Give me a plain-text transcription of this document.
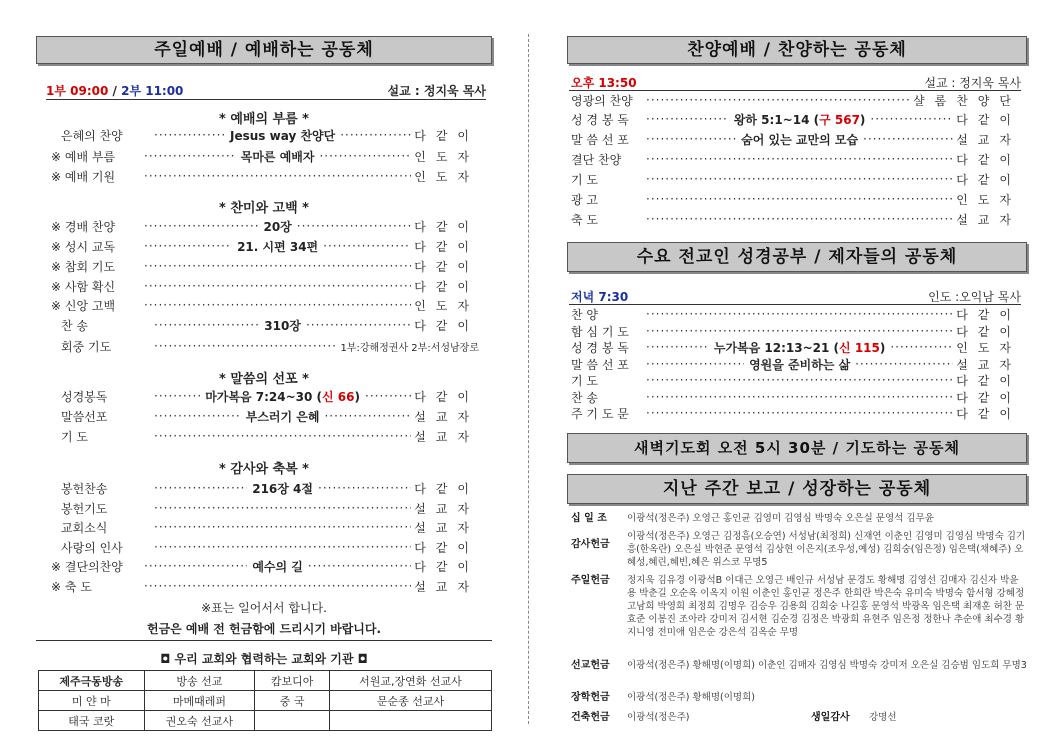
주일예배 / 예배하는 공동체
1부 09:00 / 2부 11:00	설교 : 정지욱 목사
* 예배의 부름 *
은혜의 찬양 ·····	Jesus way 찬양단 ·····	다같이
※ 예배 부름 ·····	목마른 예배자 ·····	인도자
※ 예배 기원 ·····	인도자
* 찬미와 고백 *
※ 경배 찬양 ·····	20장 ·····	다같이
※ 성시 교독 ·····	21. 시편 34편 ·····	다같이
※ 참회 기도 ·····	다같이
※ 사함 확신 ·····	다같이
※ 신앙 고백 ·····	인도자
찬 송 ·····	310장 ·····	다같이
회중 기도 ·····	1부:강해정권사 2부:서성남장로
* 말씀의 선포 *
성경봉독 ·····	마가복음 7:24~30 (신 66) ·····	다같이
말씀선포 ·····	부스러기 은혜 ·····	설교자
기 도 ·····	설교자
* 감사와 축복 *
봉헌찬송 ·····	216장 4절 ·····	다같이
봉헌기도 ·····	설교자
교회소식 ·····	설교자
사랑의 인사 ·····	다같이
※ 결단의찬양 ·····	예수의 길 ·····	다같이
※ 축 도 ·····	설교자
※표는 일어서서 합니다.
헌금은 예배 전 헌금함에 드리시기 바랍니다.
◘ 우리 교회와 협력하는 교회와 기관 ◘
제주극동방송	방송 선교	캄보디아	서원교,장연화 선교사
미 얀 마	마메때레퍼	중 국	문순종 선교사
태국 코랏	권오숙 선교사		
찬양예배 / 찬양하는 공동체
오후 13:50	설교 : 정지욱 목사
영광의 찬양 ·····	샬롬찬양단
성 경 봉 독 ·····	왕하 5:1~14 (구 567) ·····	다같이
말 씀 선 포 ·····	숨어 있는 교만의 모습 ·····	설교자
결단 찬양 ·····	다같이
기 도 ·····	다같이
광 고 ·····	인도자
축 도 ·····	설교자
수요 전교인 성경공부 / 제자들의 공동체
저녁 7:30	인도 :오익남 목사
찬 양 ·····	다같이
함 심 기 도 ·····	다같이
성 경 봉 독 ·····	누가복음 12:13~21 (신 115) ·····	인도자
말 씀 선 포 ·····	영원을 준비하는 삶 ·····	설교자
기 도 ·····	다같이
찬 송 ·····	다같이
주 기 도 문 ·····	다같이
새벽기도회 오전 5시 30분 / 기도하는 공동체
지난 주간 보고 / 성장하는 공동체
십 일 조 이광석(정은주) 오영근 홍인균 김영미 김영심 박명숙 오은실 문영석 김무윤
감사헌금
이광석(정은주) 오영근 김정흠(오승연) 서성남(최정희) 신재연 이춘인 김영미 김영심 박명숙 김기흥(한옥란) 오은실 박현준 문영석 김상현 이은지(조우성,예성) 김희숭(임은정) 임은택(채혜주) 오혜성,혜린,혜빈,혜은 위스코 무명5
주일헌금 정지욱 김유경 이광석B 이대근 오영근 배인규 서성남 문경도 황해명 김영선 김매자 김신자 박윤용 박춘길 오순옥 이옥지 이원 이춘인 홍인균 정은주 한희란 박은숙 유미숙 박명숙 함서형 강혜정 고남희 박영희 최정희 김명우 김승우 김용희 김희숭 나길홍 문영석 박광옥 임은택 최재훈 허찬 문효준 이봉진 조아라 강미저 김서현 김순경 김정은 박광희 유현주 임은정 정한나 추순애 최수경 황지니영 전미애 임은순 강은석 김옥순 무명
선교헌금 이광석(정은주) 황해명(이명희) 이춘인 김매자 김영심 박명숙 강미저 오은실 김승범 임도희 무명3
장학헌금 이광석(정은주) 황해명(이명희)
건축헌금 이광석(정은주)	생일감사 강명선
